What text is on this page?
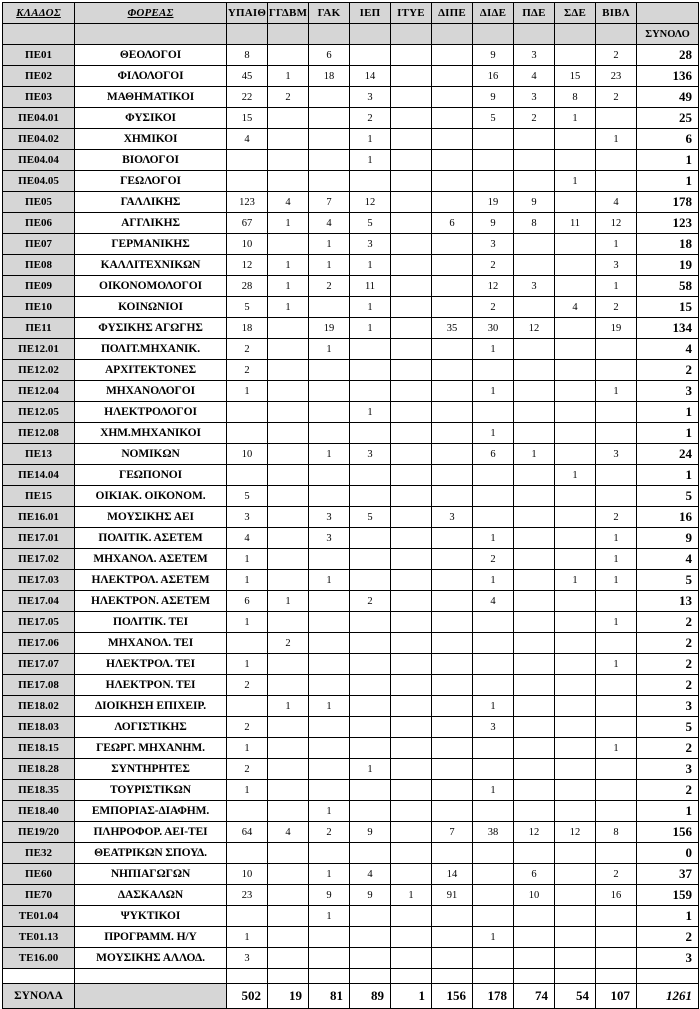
ΚΛΑΔΟΣ	ΦΟΡΕΑΣ	ΥΠΑΙΘ	ΓΓΔΒΜ	ΓΑΚ	ΙΕΠ	ΙΤΥΕ	ΔΙΠΕ	ΔΙΔΕ	ΠΔΕ	ΣΔΕ	ΒΙΒΛ	
												ΣΥΝΟΛΟ
ΠΕ01	ΘΕΟΛΟΓΟΙ	8		6				9	3		2	28
ΠΕ02	ΦΙΛΟΛΟΓΟΙ	45	1	18	14			16	4	15	23	136
ΠΕ03	ΜΑΘΗΜΑΤΙΚΟΙ	22	2		3			9	3	8	2	49
ΠΕ04.01	ΦΥΣΙΚΟΙ	15			2			5	2	1		25
ΠΕ04.02	ΧΗΜΙΚΟΙ	4			1						1	6
ΠΕ04.04	ΒΙΟΛΟΓΟΙ				1							1
ΠΕ04.05	ΓΕΩΛΟΓΟΙ									1		1
ΠΕ05	ΓΑΛΛΙΚΗΣ	123	4	7	12			19	9		4	178
ΠΕ06	ΑΓΓΛΙΚΗΣ	67	1	4	5		6	9	8	11	12	123
ΠΕ07	ΓΕΡΜΑΝΙΚΗΣ	10		1	3			3			1	18
ΠΕ08	ΚΑΛΛΙΤΕΧΝΙΚΩΝ	12	1	1	1			2			3	19
ΠΕ09	ΟΙΚΟΝΟΜΟΛΟΓΟΙ	28	1	2	11			12	3		1	58
ΠΕ10	ΚΟΙΝΩΝΙΟΙ	5	1		1			2		4	2	15
ΠΕ11	ΦΥΣΙΚΗΣ ΑΓΩΓΗΣ	18		19	1		35	30	12		19	134
ΠΕ12.01	ΠΟΛΙΤ.ΜΗΧΑΝΙΚ.	2		1				1				4
ΠΕ12.02	ΑΡΧΙΤΕΚΤΟΝΕΣ	2										2
ΠΕ12.04	ΜΗΧΑΝΟΛΟΓΟΙ	1						1			1	3
ΠΕ12.05	ΗΛΕΚΤΡΟΛΟΓΟΙ				1							1
ΠΕ12.08	ΧΗΜ.ΜΗΧΑΝΙΚΟΙ							1				1
ΠΕ13	ΝΟΜΙΚΩΝ	10		1	3			6	1		3	24
ΠΕ14.04	ΓΕΩΠΟΝΟΙ									1		1
ΠΕ15	ΟΙΚΙΑΚ. ΟΙΚΟΝΟΜ.	5										5
ΠΕ16.01	ΜΟΥΣΙΚΗΣ ΑΕΙ	3		3	5		3				2	16
ΠΕ17.01	ΠΟΛΙΤΙΚ. ΑΣΕΤΕΜ	4		3				1			1	9
ΠΕ17.02	ΜΗΧΑΝΟΛ. ΑΣΕΤΕΜ	1						2			1	4
ΠΕ17.03	ΗΛΕΚΤΡΟΛ. ΑΣΕΤΕΜ	1		1				1		1	1	5
ΠΕ17.04	ΗΛΕΚΤΡΟΝ. ΑΣΕΤΕΜ	6	1		2			4				13
ΠΕ17.05	ΠΟΛΙΤΙΚ. ΤΕΙ	1									1	2
ΠΕ17.06	ΜΗΧΑΝΟΛ. ΤΕΙ		2									2
ΠΕ17.07	ΗΛΕΚΤΡΟΛ. ΤΕΙ	1									1	2
ΠΕ17.08	ΗΛΕΚΤΡΟΝ. ΤΕΙ	2										2
ΠΕ18.02	ΔΙΟΙΚΗΣΗ ΕΠΙΧΕΙΡ.		1	1				1				3
ΠΕ18.03	ΛΟΓΙΣΤΙΚΗΣ	2						3				5
ΠΕ18.15	ΓΕΩΡΓ. ΜΗΧΑΝΗΜ.	1									1	2
ΠΕ18.28	ΣΥΝΤΗΡΗΤΕΣ	2			1							3
ΠΕ18.35	ΤΟΥΡΙΣΤΙΚΩΝ	1						1				2
ΠΕ18.40	ΕΜΠΟΡΙΑΣ-ΔΙΑΦΗΜ.			1								1
ΠΕ19/20	ΠΛΗΡΟΦΟΡ. ΑΕΙ-ΤΕΙ	64	4	2	9		7	38	12	12	8	156
ΠΕ32	ΘΕΑΤΡΙΚΩΝ ΣΠΟΥΔ.											0
ΠΕ60	ΝΗΠΙΑΓΩΓΩΝ	10		1	4		14		6		2	37
ΠΕ70	ΔΑΣΚΑΛΩΝ	23		9	9	1	91		10		16	159
ΤΕ01.04	ΨΥΚΤΙΚΟΙ			1								1
ΤΕ01.13	ΠΡΟΓΡΑΜΜ. Η/Υ	1						1				2
ΤΕ16.00	ΜΟΥΣΙΚΗΣ ΑΛΛΟΔ.	3										3

ΣΥΝΟΛΑ		502	19	81	89	1	156	178	74	54	107	1261
